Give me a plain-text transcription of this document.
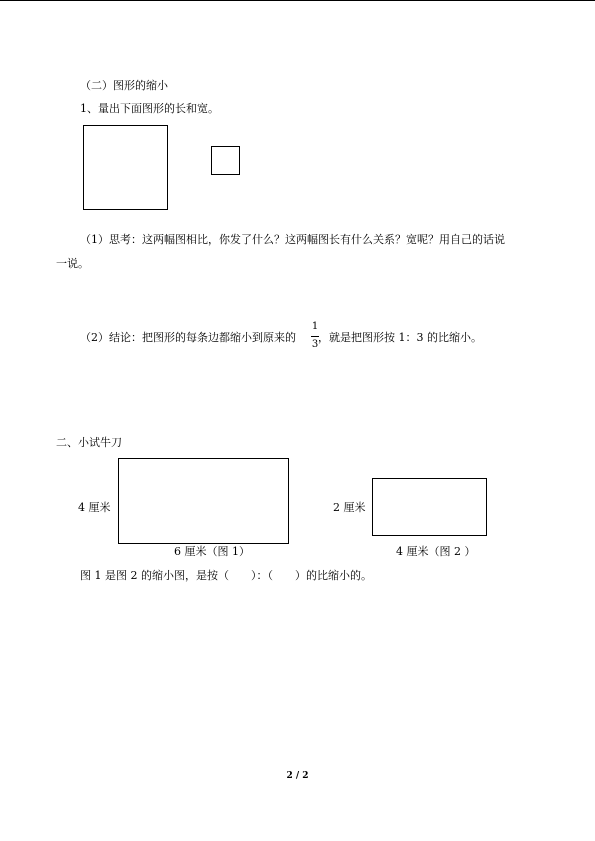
（二）图形的缩小
1、量出下面图形的长和宽。
（1）思考：这两幅图相比，你发了什么？这两幅图长有什么关系？宽呢？用自己的话说
一说。
（2）结论：把图形的每条边都缩小到原来的
1
3
，就是把图形按 1：3 的比缩小。
二、小试牛刀
4 厘米
6 厘米（图 1）
2 厘米
4 厘米（图 2 ）
图 1 是图 2 的缩小图，是按（　　）：（　　）的比缩小的。
2 / 2
